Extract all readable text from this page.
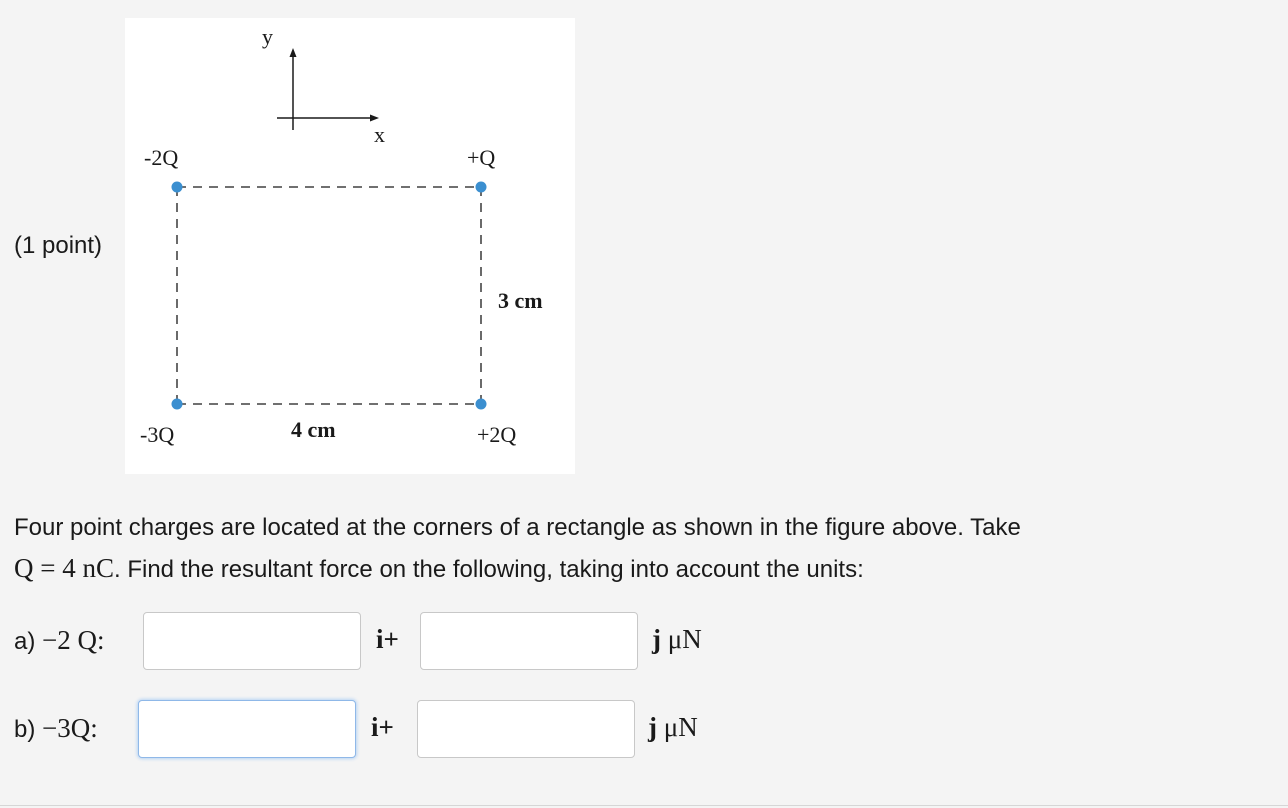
(1 point)
y
x
-2Q	+Q
-3Q	+2Q
4 cm
3 cm
Four point charges are located at the corners of a rectangle as shown in the figure above. Take
Q = 4 nC. Find the resultant force on the following, taking into account the units:
a) −2 Q:	i+	j μN
b) −3Q:	i+	j μN
